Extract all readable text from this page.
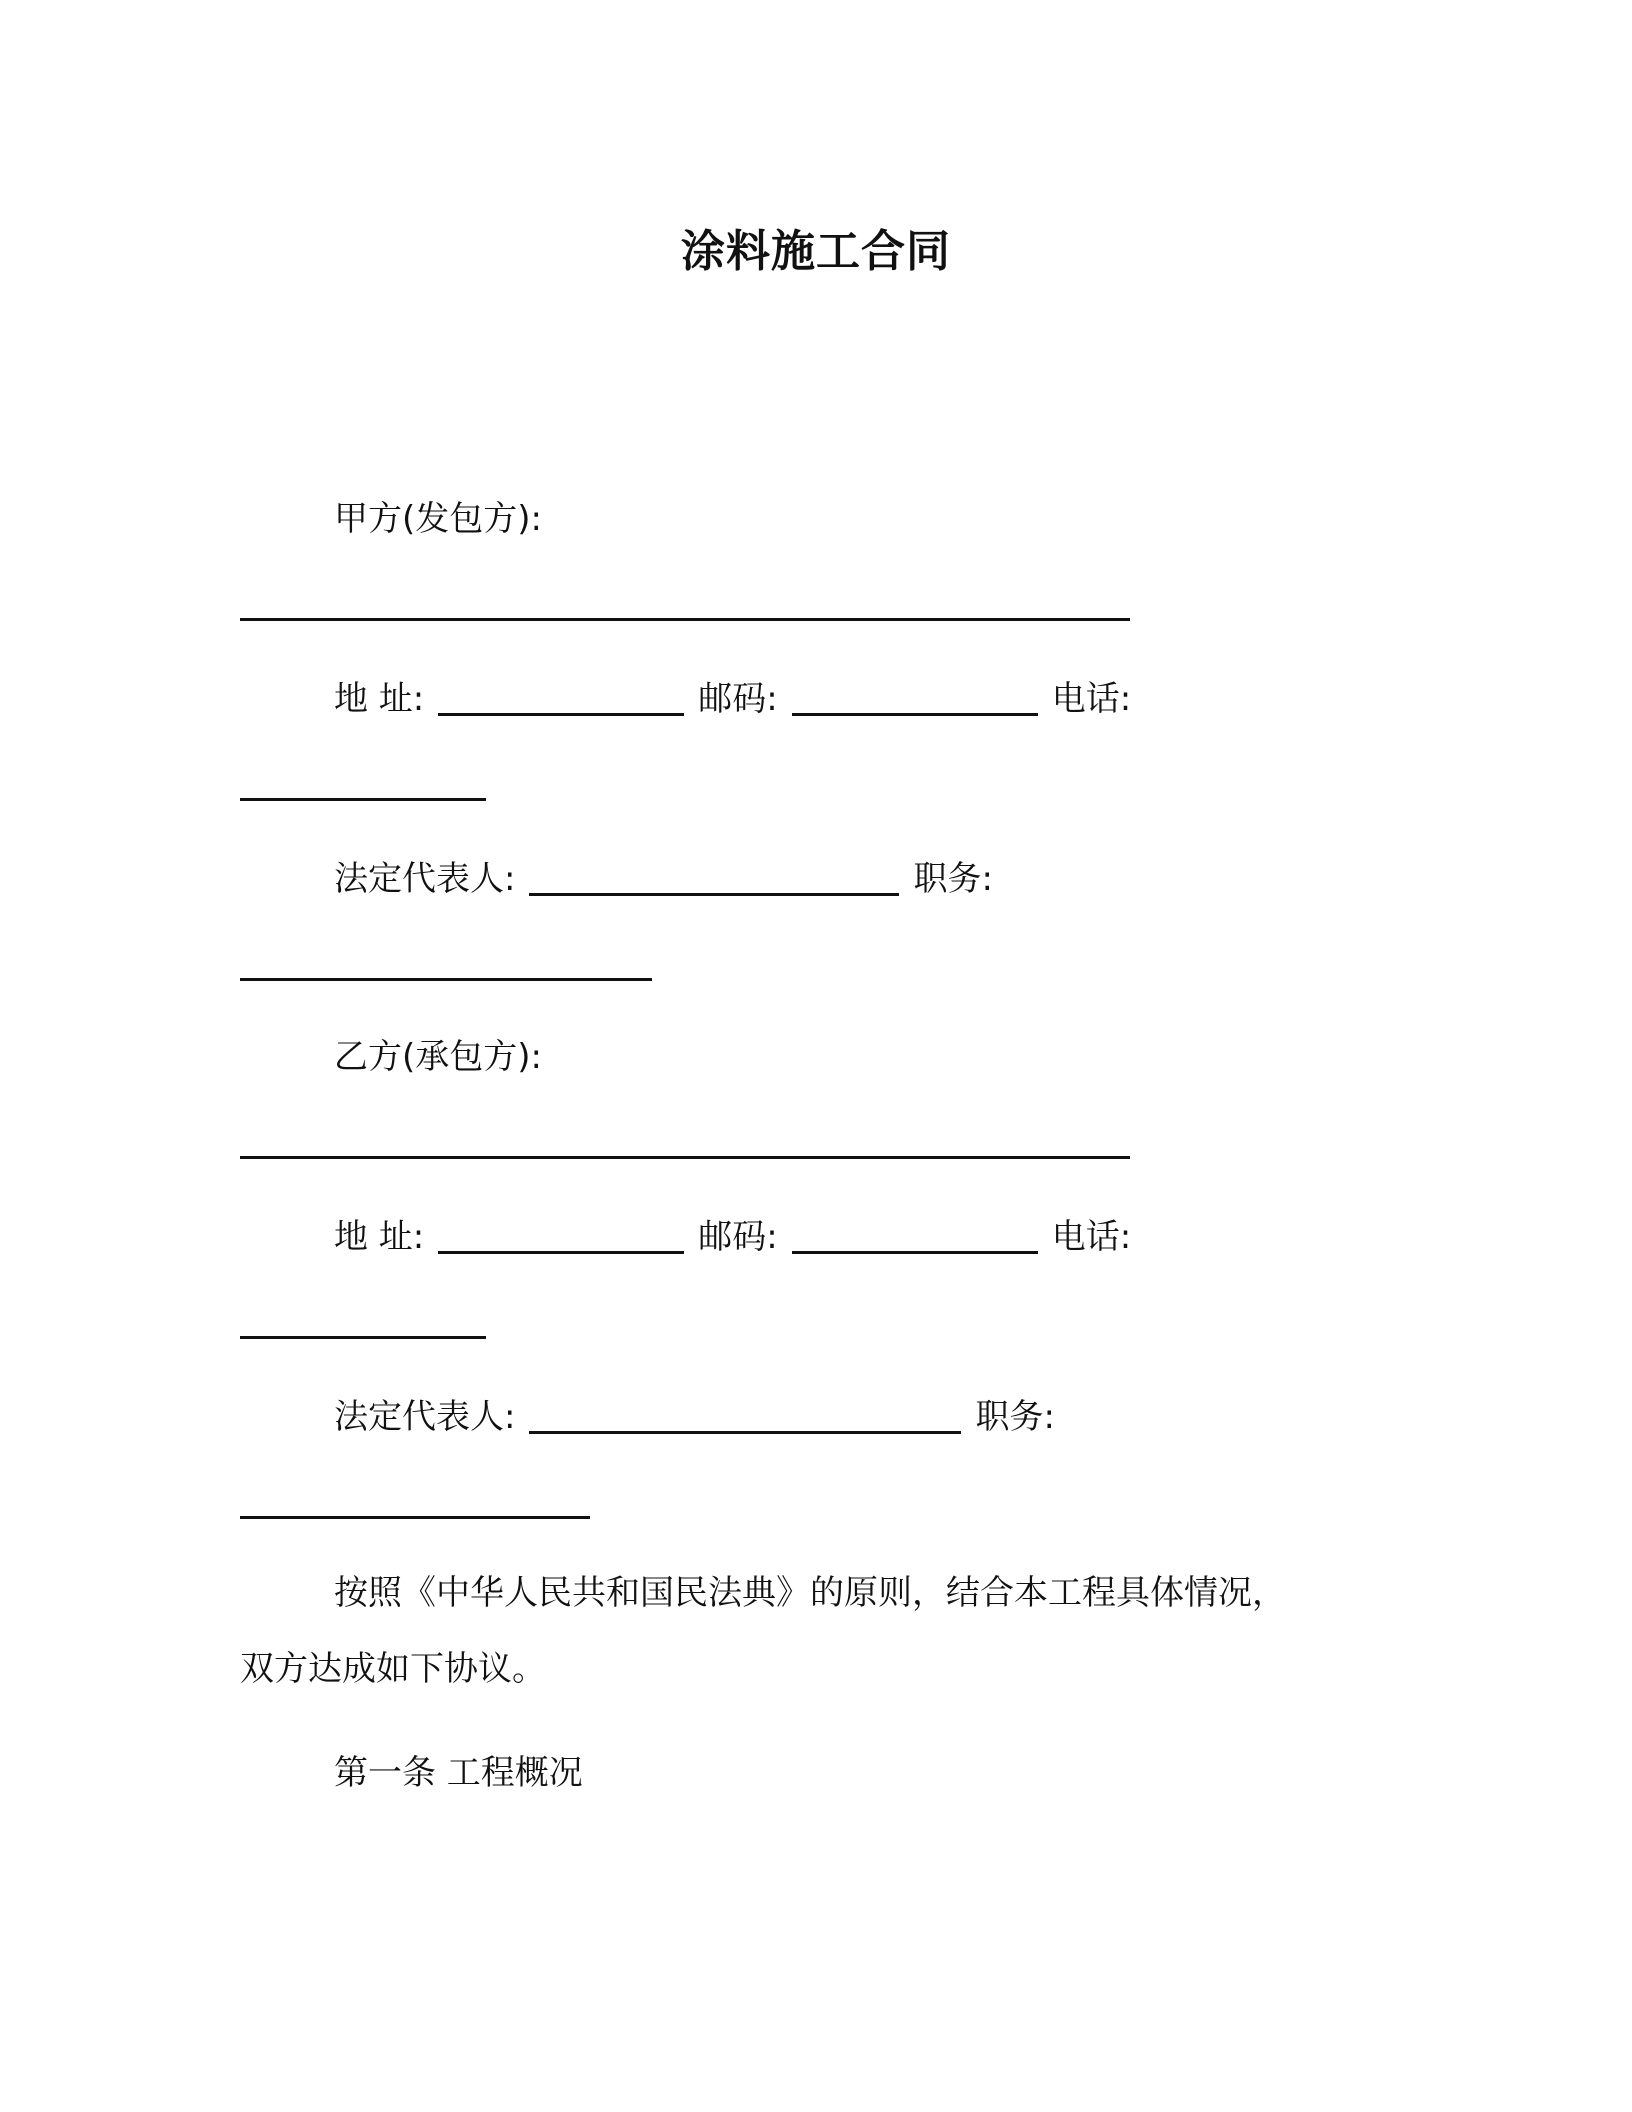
涂料施工合同
甲方(发包方):
地 址:	邮码:	电话:
法定代表人:	职务:
乙方(承包方):
地 址:	邮码:	电话:
法定代表人:	职务:
按照《中华人民共和国民法典》的原则，结合本工程具体情况，
双方达成如下协议。
第一条 工程概况
